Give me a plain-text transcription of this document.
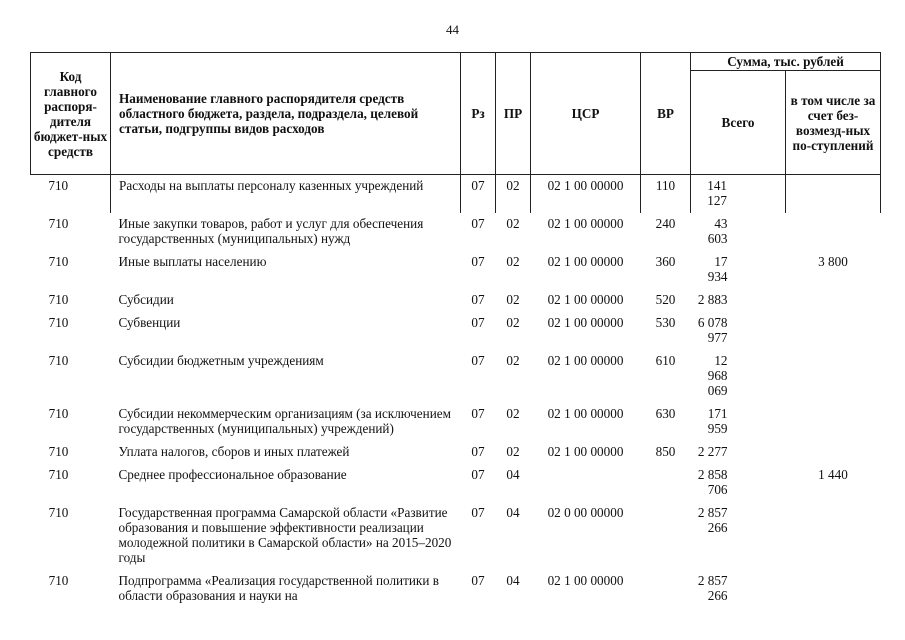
44
Код главного распоря-дителя бюджет-ных средств	Наименование главного распорядителя средств областного бюджета, раздела, подраздела, целевой статьи, подгруппы видов расходов	Рз	ПР	ЦСР	ВР	Сумма, тыс. рублей	
						Всего	в том числе за счет без-возмезд-ных по-ступлений
710	Расходы на выплаты персоналу казенных учреждений	07	02	02 1 00 00000	110	141 127	
710	Иные закупки товаров, работ и услуг для обеспечения государственных (муниципальных) нужд	07	02	02 1 00 00000	240	43 603	
710	Иные выплаты населению	07	02	02 1 00 00000	360	17 934	3 800
710	Субсидии	07	02	02 1 00 00000	520	2 883	
710	Субвенции	07	02	02 1 00 00000	530	6 078 977	
710	Субсидии бюджетным учреждениям	07	02	02 1 00 00000	610	12 968 069	
710	Субсидии некоммерческим организациям (за исключением государственных (муниципальных) учреждений)	07	02	02 1 00 00000	630	171 959	
710	Уплата налогов, сборов и иных платежей	07	02	02 1 00 00000	850	2 277	
710	Среднее профессиональное образование	07	04			2 858 706	1 440
710	Государственная программа Самарской области «Развитие образования и повышение эффективности реализации молодежной политики в Самарской области» на 2015–2020 годы	07	04	02 0 00 00000		2 857 266	
710	Подпрограмма «Реализация государственной политики в области образования и науки на	07	04	02 1 00 00000		2 857 266	
